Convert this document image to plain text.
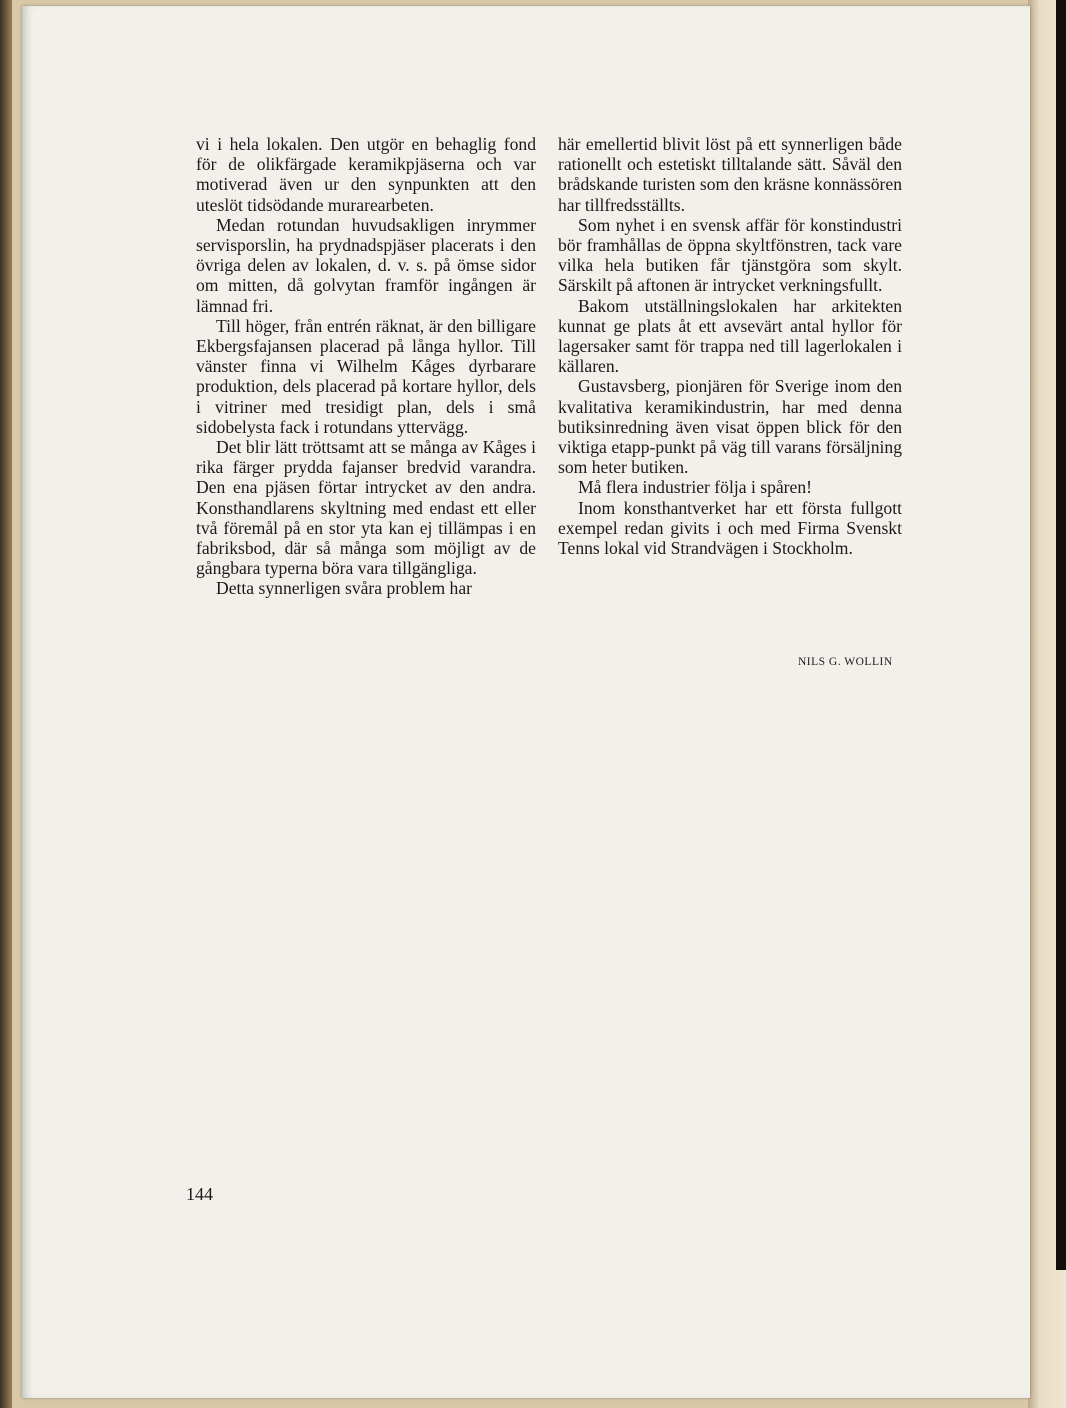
vi i hela lokalen. Den utgör en behaglig fond för de olikfärgade keramikpjäserna och var motiverad även ur den synpunkten att den uteslöt tidsödande murarearbeten.

Medan rotundan huvudsakligen inrymmer servisporslin, ha prydnadspjäser placerats i den övriga delen av lokalen, d. v. s. på ömse sidor om mitten, då golvytan framför ingången är lämnad fri.

Till höger, från entrén räknat, är den billigare Ekbergsfajansen placerad på långa hyllor. Till vänster finna vi Wilhelm Kåges dyrbarare produktion, dels placerad på kortare hyllor, dels i vitriner med tresidigt plan, dels i små sidobelysta fack i rotundans yttervägg.

Det blir lätt tröttsamt att se många av Kåges i rika färger prydda fajanser bredvid varandra. Den ena pjäsen förtar intrycket av den andra. Konsthandlarens skyltning med endast ett eller två föremål på en stor yta kan ej tillämpas i en fabriksbod, där så många som möjligt av de gångbara typerna böra vara tillgängliga.

Detta synnerligen svåra problem har

här emellertid blivit löst på ett synnerligen både rationellt och estetiskt tilltalande sätt. Såväl den brådskande turisten som den kräsne konnässören har tillfredsställts.

Som nyhet i en svensk affär för konstindustri bör framhållas de öppna skyltfönstren, tack vare vilka hela butiken får tjänstgöra som skylt. Särskilt på aftonen är intrycket verkningsfullt.

Bakom utställningslokalen har arkitekten kunnat ge plats åt ett avsevärt antal hyllor för lagersaker samt för trappa ned till lagerlokalen i källaren.

Gustavsberg, pionjären för Sverige inom den kvalitativa keramikindustrin, har med denna butiksinredning även visat öppen blick för den viktiga etapp-punkt på väg till varans försäljning som heter butiken.

Må flera industrier följa i spåren!

Inom konsthantverket har ett första fullgott exempel redan givits i och med Firma Svenskt Tenns lokal vid Strandvägen i Stockholm.

NILS G. WOLLIN
144
